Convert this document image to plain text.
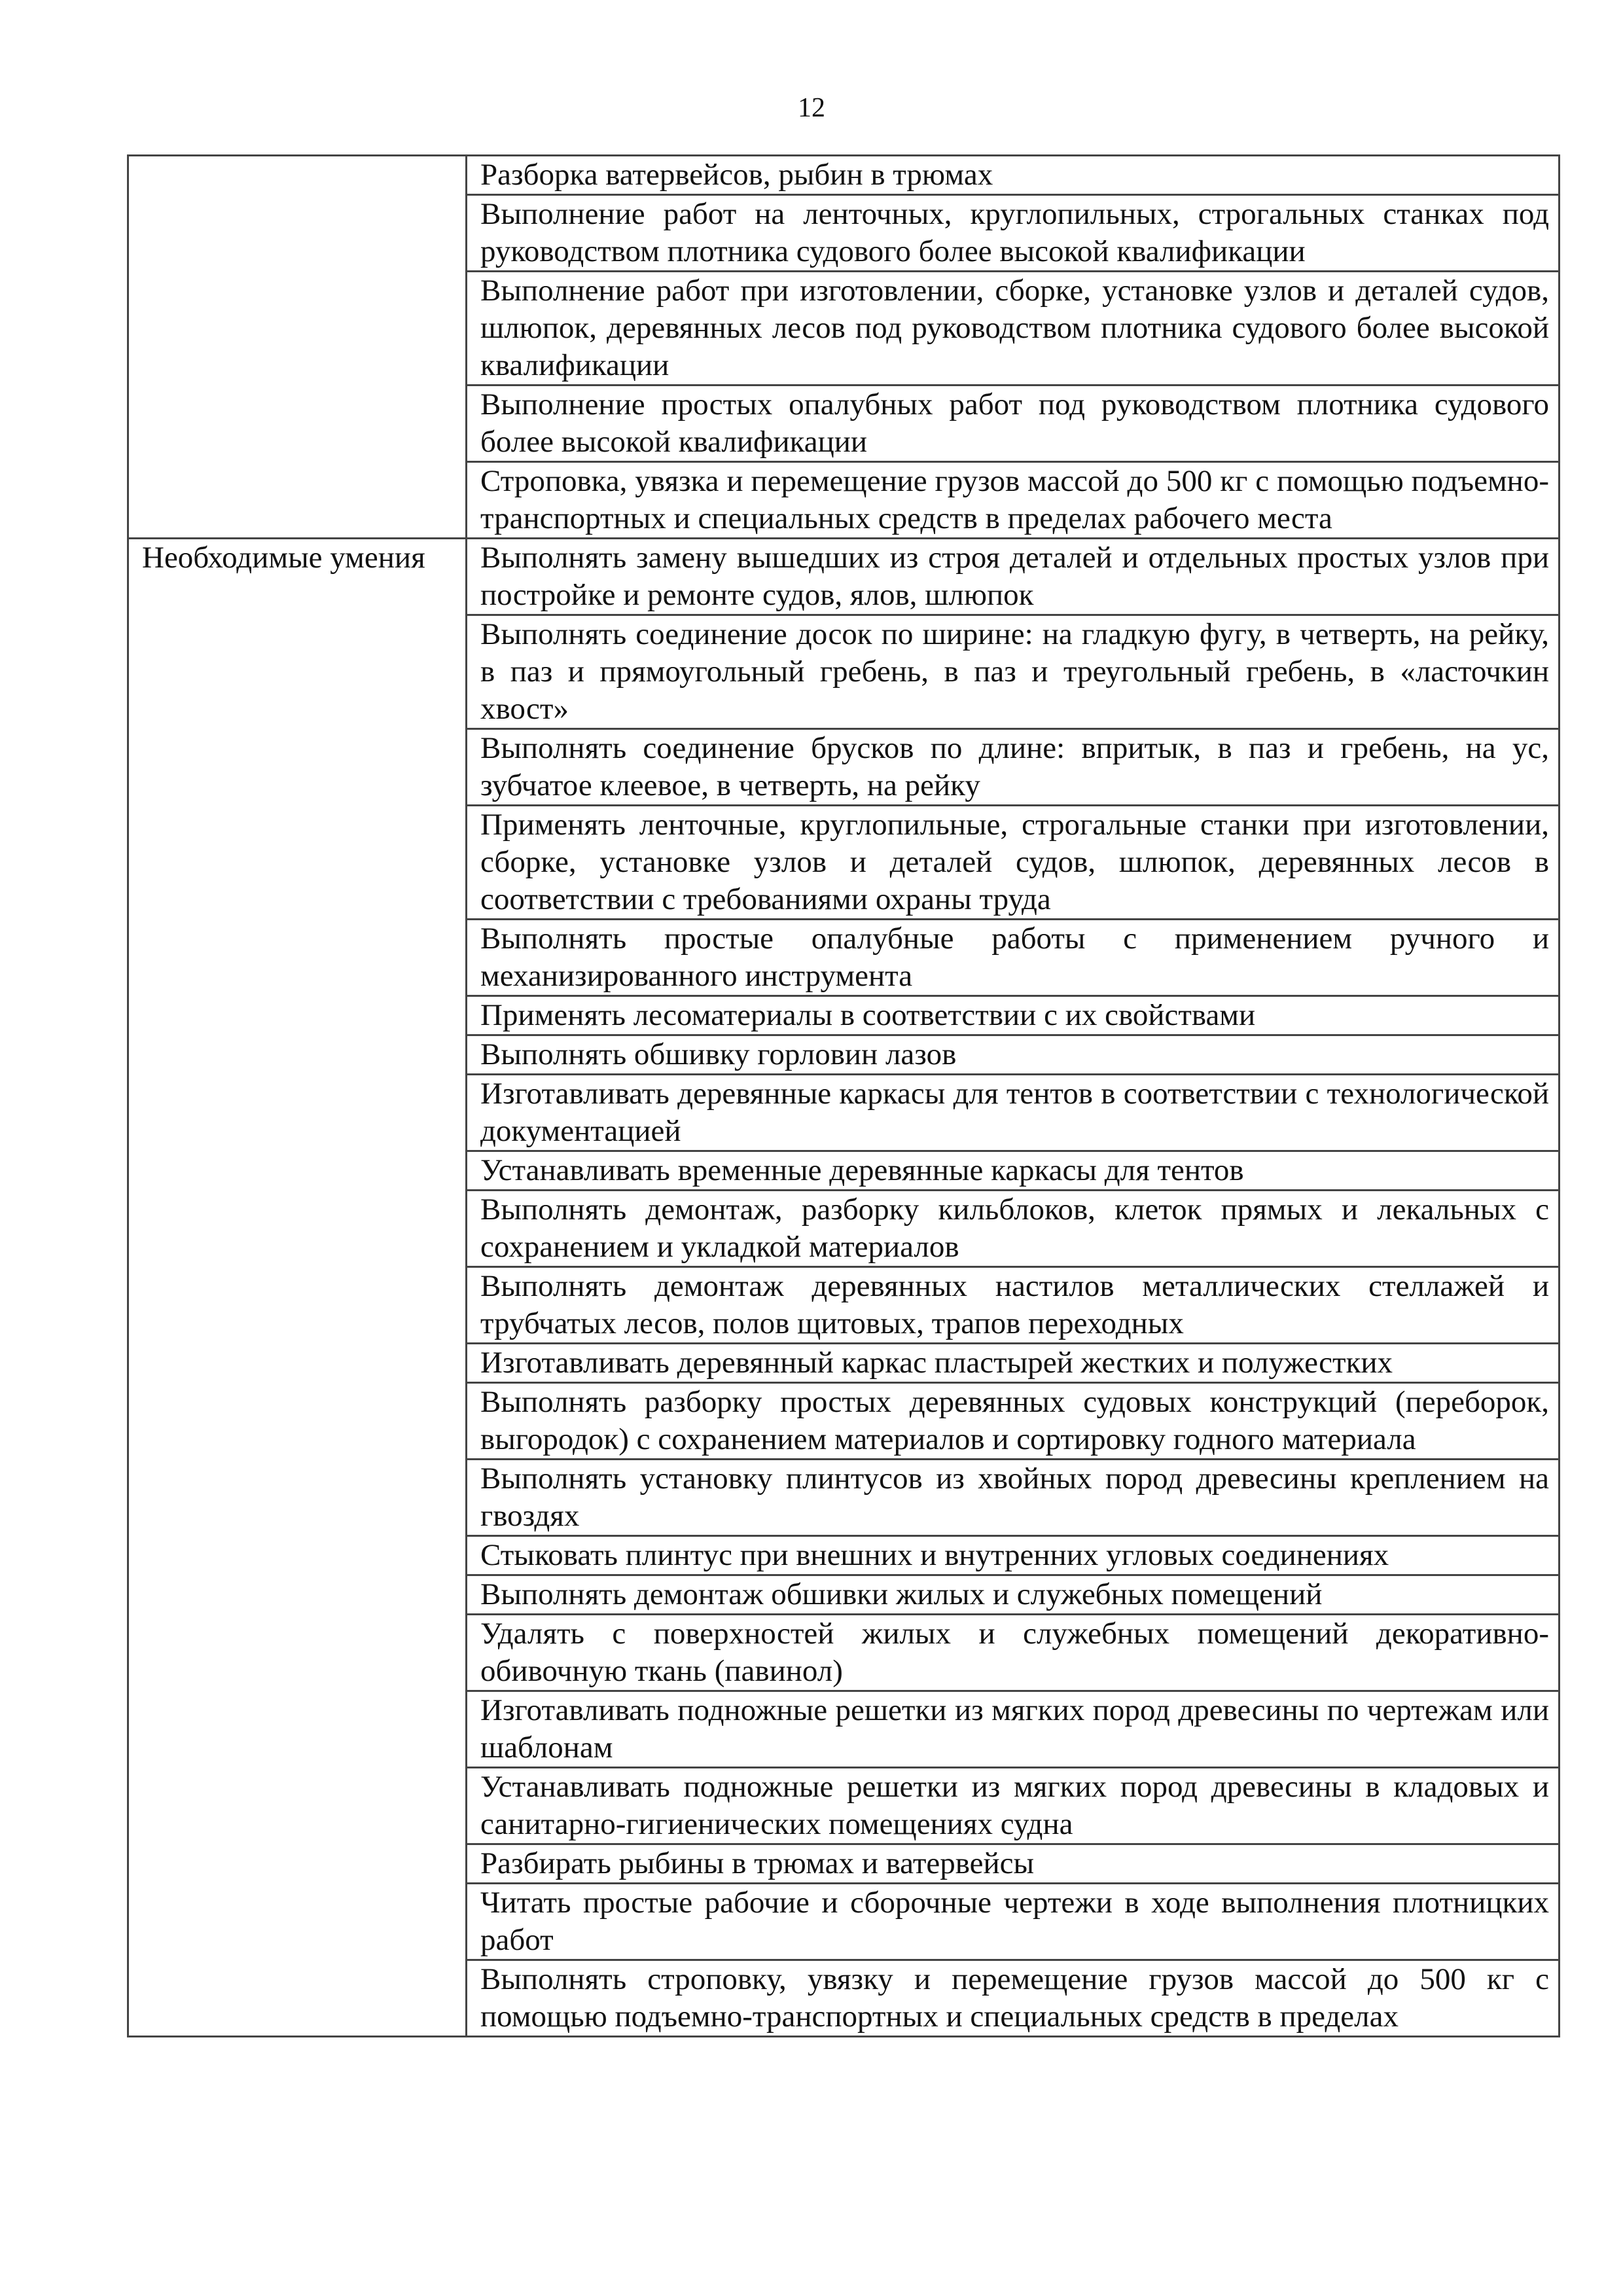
12
	Разборка ватервейсов, рыбин в трюмах
	Выполнение работ на ленточных, круглопильных, строгальных станках под руководством плотника судового более высокой квалификации
	Выполнение работ при изготовлении, сборке, установке узлов и деталей судов, шлюпок, деревянных лесов под руководством плотника судового более высокой квалификации
	Выполнение простых опалубных работ под руководством плотника судового более высокой квалификации
	Строповка, увязка и перемещение грузов массой до 500 кг с помощью подъемно-транспортных и специальных средств в пределах рабочего места
Необходимые умения	Выполнять замену вышедших из строя деталей и отдельных простых узлов при постройке и ремонте судов, ялов, шлюпок
	Выполнять соединение досок по ширине: на гладкую фугу, в четверть, на рейку, в паз и прямоугольный гребень, в паз и треугольный гребень, в «ласточкин хвост»
	Выполнять соединение брусков по длине: впритык, в паз и гребень, на ус, зубчатое клеевое, в четверть, на рейку
	Применять ленточные, круглопильные, строгальные станки при изготовлении, сборке, установке узлов и деталей судов, шлюпок, деревянных лесов в соответствии с требованиями охраны труда
	Выполнять простые опалубные работы с применением ручного и механизированного инструмента
	Применять лесоматериалы в соответствии с их свойствами
	Выполнять обшивку горловин лазов
	Изготавливать деревянные каркасы для тентов в соответствии с технологической документацией
	Устанавливать временные деревянные каркасы для тентов
	Выполнять демонтаж, разборку кильблоков, клеток прямых и лекальных с сохранением и укладкой материалов
	Выполнять демонтаж деревянных настилов металлических стеллажей и трубчатых лесов, полов щитовых, трапов переходных
	Изготавливать деревянный каркас пластырей жестких и полужестких
	Выполнять разборку простых деревянных судовых конструкций (переборок, выгородок) с сохранением материалов и сортировку годного материала
	Выполнять установку плинтусов из хвойных пород древесины креплением на гвоздях
	Стыковать плинтус при внешних и внутренних угловых соединениях
	Выполнять демонтаж обшивки жилых и служебных помещений
	Удалять с поверхностей жилых и служебных помещений декоративно-обивочную ткань (павинол)
	Изготавливать подножные решетки из мягких пород древесины по чертежам или шаблонам
	Устанавливать подножные решетки из мягких пород древесины в кладовых и санитарно-гигиенических помещениях судна
	Разбирать рыбины в трюмах и ватервейсы
	Читать простые рабочие и сборочные чертежи в ходе выполнения плотницких работ
	Выполнять строповку, увязку и перемещение грузов массой до 500 кг с помощью подъемно-транспортных и специальных средств в пределах
